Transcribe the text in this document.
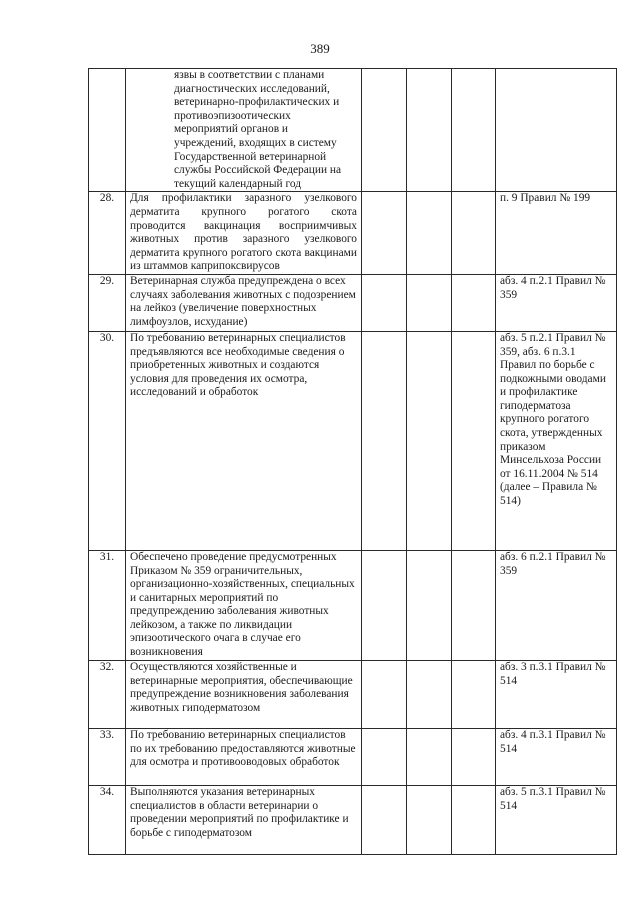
389
	язвы в соответствии с планами диагностических исследований, ветеринарно-профилактических и противоэпизоотических мероприятий органов и учреждений, входящих в систему Государственной ветеринарной службы Российской Федерации на текущий календарный год				
28.	Для профилактики заразного узелкового дерматита крупного рогатого скота проводится вакцинация восприимчивых животных против заразного узелкового дерматита крупного рогатого скота вакцинами из штаммов каприпоксвирусов				п. 9 Правил № 199
29.	Ветеринарная служба предупреждена о всех случаях заболевания животных с подозрением на лейкоз (увеличение поверхностных лимфоузлов, исхудание)				абз. 4 п.2.1 Правил № 359
30.	По требованию ветеринарных специалистов предъявляются все необходимые сведения о приобретенных животных и создаются условия для проведения их осмотра, исследований и обработок				абз. 5 п.2.1 Правил № 359, абз. 6 п.3.1 Правил по борьбе с подкожными оводами и профилактике гиподерматоза крупного рогатого скота, утвержденных приказом Минсельхоза России от 16.11.2004 № 514 (далее – Правила № 514)
31.	Обеспечено проведение предусмотренных Приказом № 359 ограничительных, организационно-хозяйственных, специальных и санитарных мероприятий по предупреждению заболевания животных лейкозом, а также по ликвидации эпизоотического очага в случае его возникновения				абз. 6 п.2.1 Правил № 359
32.	Осуществляются хозяйственные и ветеринарные мероприятия, обеспечивающие предупреждение возникновения заболевания животных гиподерматозом				абз. 3 п.3.1 Правил № 514
33.	По требованию ветеринарных специалистов по их требованию предоставляются животные для осмотра и противооводовых обработок				абз. 4 п.3.1 Правил № 514
34.	Выполняются указания ветеринарных специалистов в области ветеринарии о проведении мероприятий по профилактике и борьбе с гиподерматозом				абз. 5 п.3.1 Правил № 514
